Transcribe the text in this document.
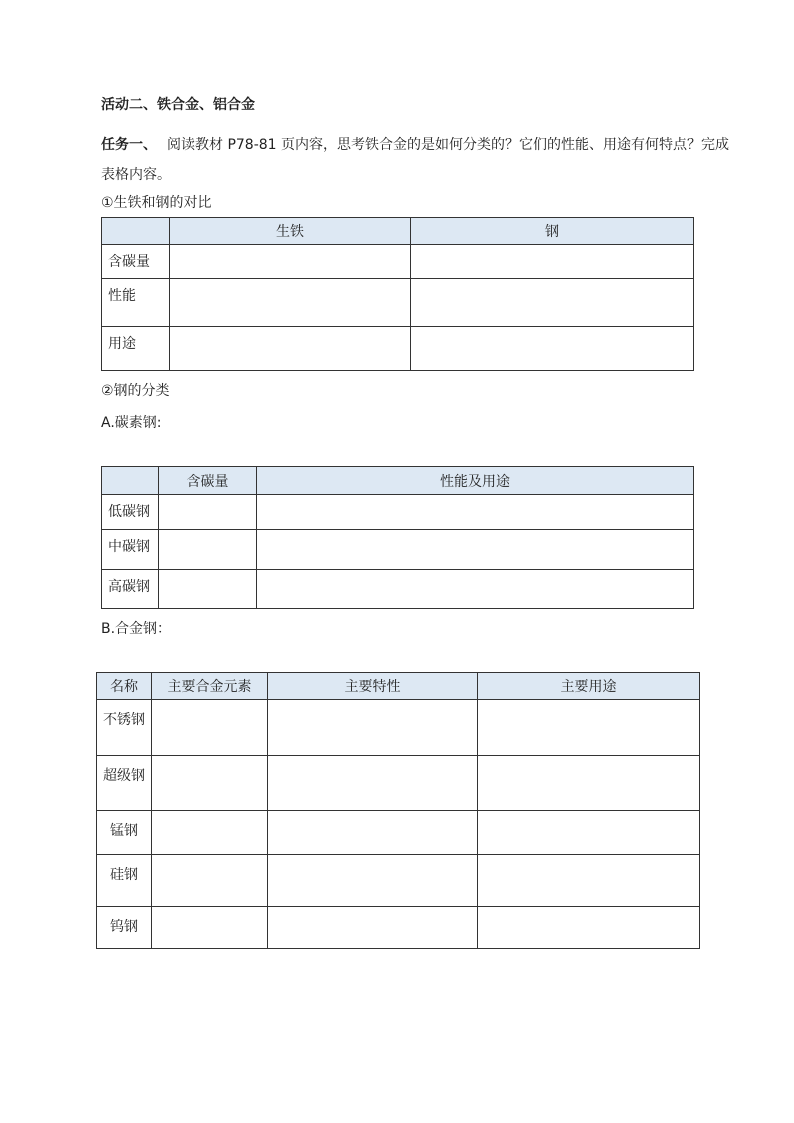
活动二、铁合金、铝合金
任务一、 阅读教材 P78-81 页内容，思考铁合金的是如何分类的？它们的性能、用途有何特点？完成表格内容。
①生铁和钢的对比
	生铁	钢
含碳量		
性能		
用途		
②钢的分类
A.碳素钢:
	含碳量	性能及用途
低碳钢		
中碳钢		
高碳钢		
B.合金钢：
名称	主要合金元素	主要特性	主要用途
不锈钢			
超级钢			
锰钢			
硅钢			
钨钢			
